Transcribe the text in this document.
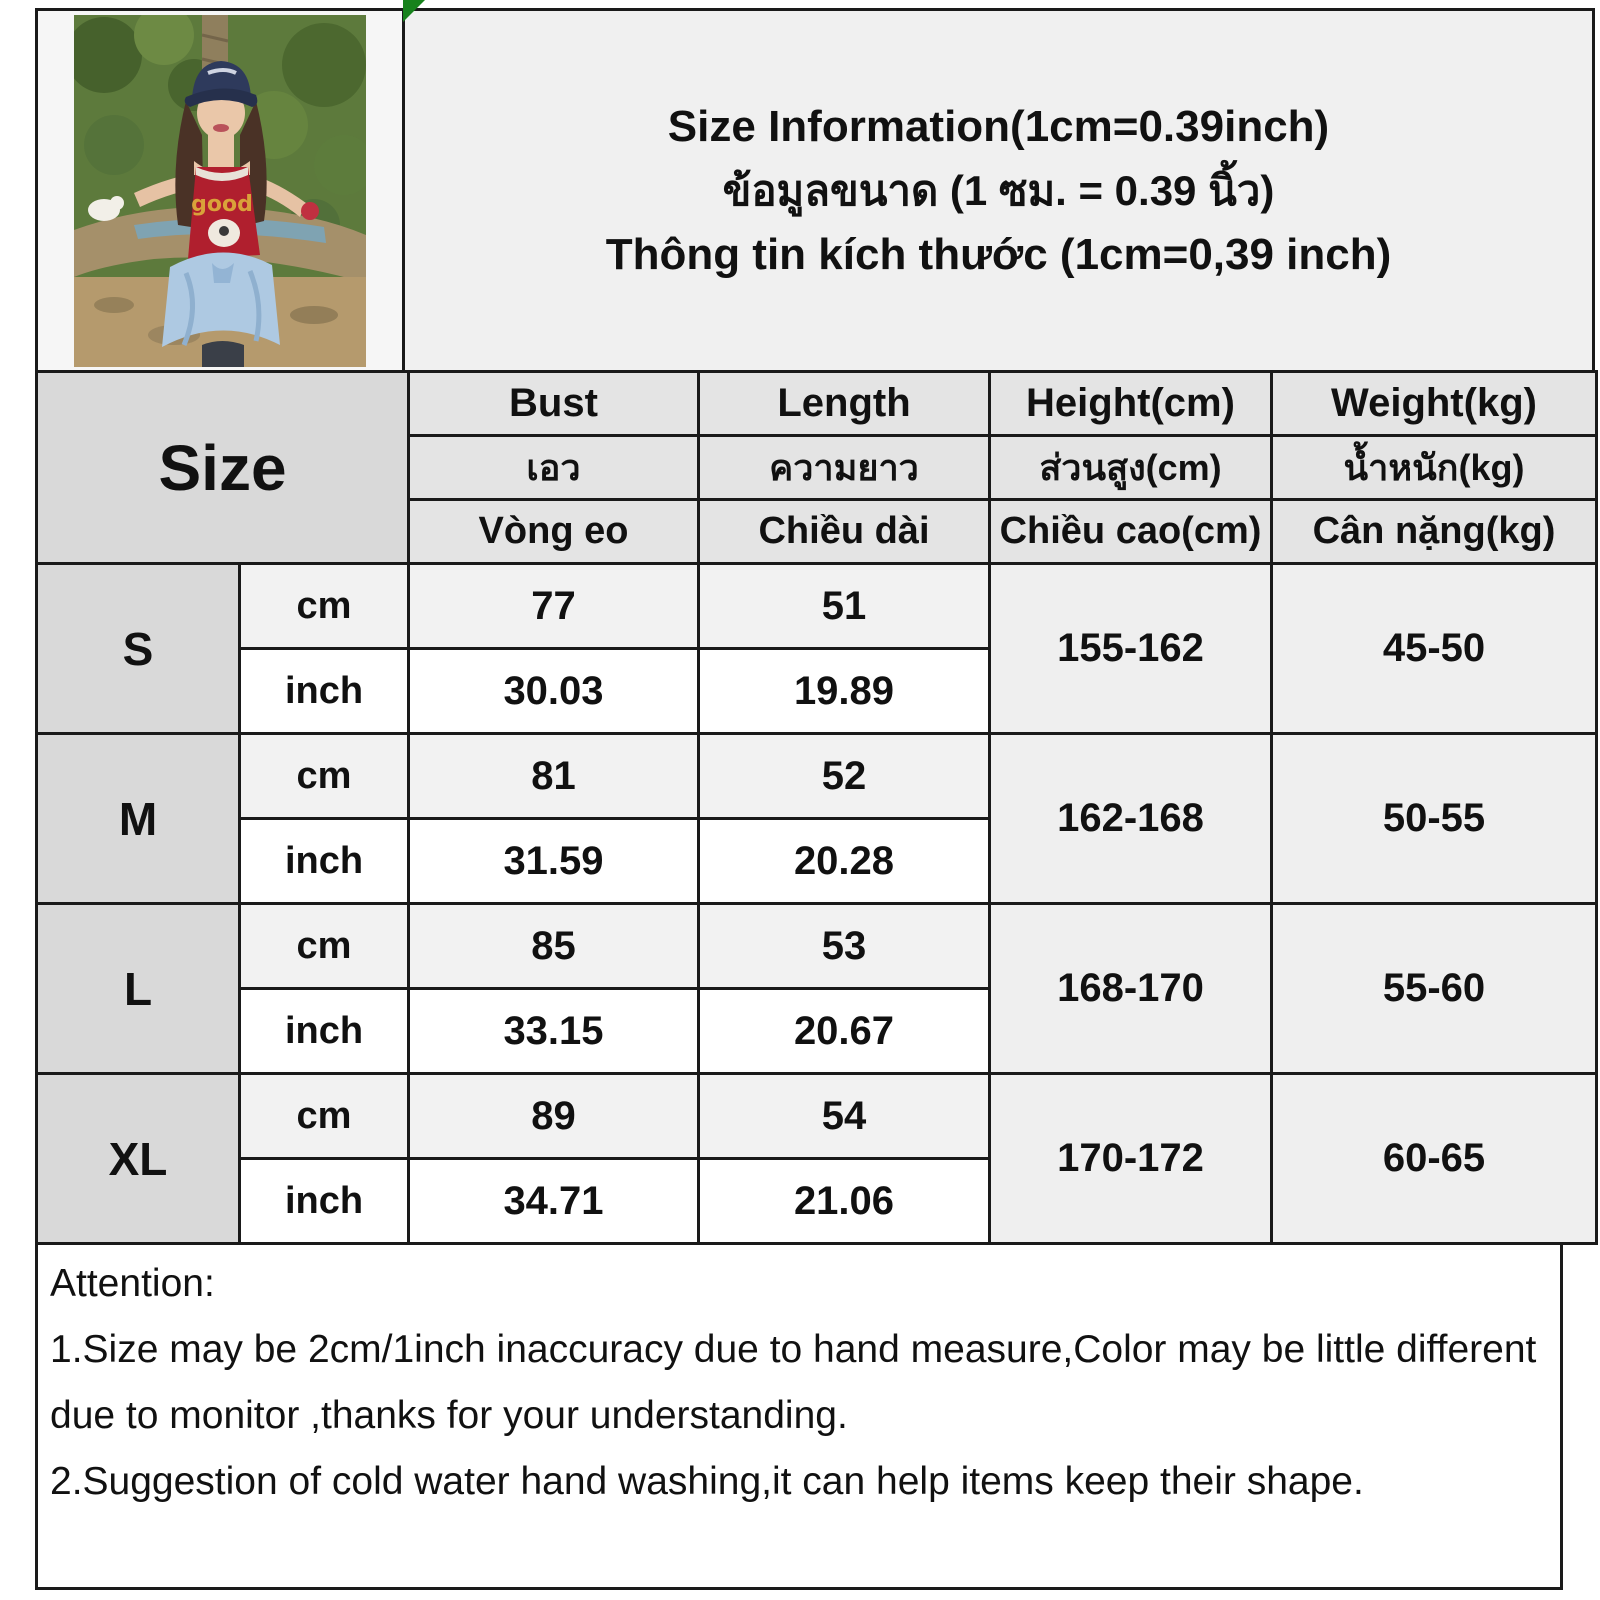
good
Size Information(1cm=0.39inch)
ข้อมูลขนาด (1 ซม. = 0.39 นิ้ว)
Thông tin kích thước (1cm=0,39 inch)
Size		Bust	Length	Height(cm)	Weight(kg)
		เอว	ความยาว	ส่วนสูง(cm)	น้ำหนัก(kg)
		Vòng eo	Chiều dài	Chiều cao(cm)	Cân nặng(kg)
S	cm	77	51	155-162	45-50
	inch	30.03	19.89		
M	cm	81	52	162-168	50-55
	inch	31.59	20.28		
L	cm	85	53	168-170	55-60
	inch	33.15	20.67		
XL	cm	89	54	170-172	60-65
	inch	34.71	21.06		

Attention:

1.Size may be 2cm/1inch inaccuracy due to hand measure,Color may be little different due to monitor ,thanks for your understanding.

2.Suggestion of cold water hand washing,it can help items keep their shape.
